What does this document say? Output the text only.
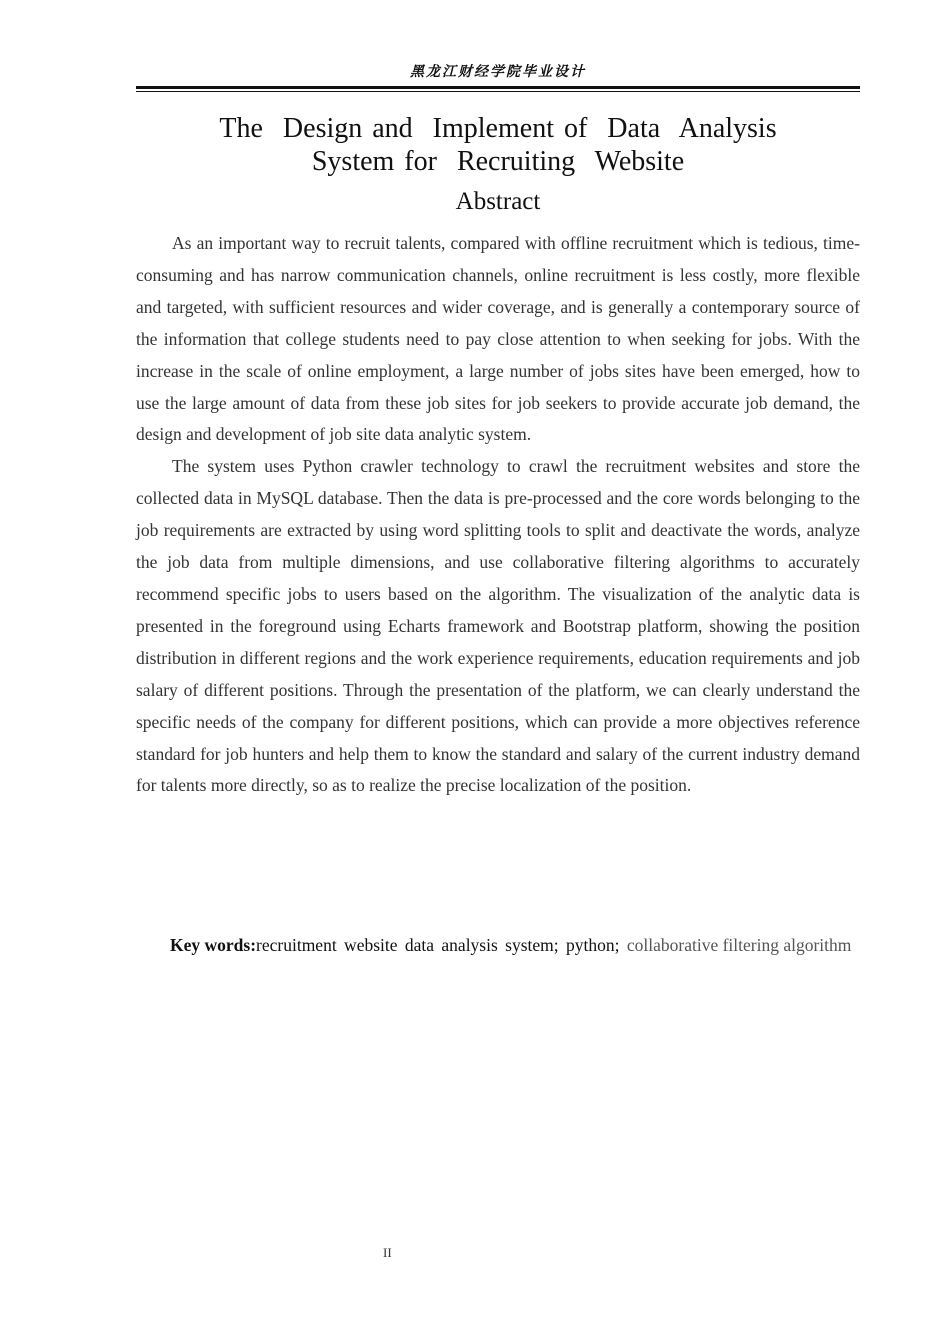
黑龙江财经学院毕业设计
The  Design and  Implement of  Data  Analysis
System for  Recruiting  Website
Abstract

As an important way to recruit talents, compared with offline recruitment which is tedious, time-consuming and has narrow communication channels, online recruitment is less costly, more flexible and targeted, with sufficient resources and wider coverage, and is generally a contemporary source of the information that college students need to pay close attention to when seeking for jobs. With the increase in the scale of online employment, a large number of jobs sites have been emerged, how to use the large amount of data from these job sites for job seekers to provide accurate job demand, the design and development of job site data analytic system.

The system uses Python crawler technology to crawl the recruitment websites and store the collected data in MySQL database. Then the data is pre-processed and the core words belonging to the job requirements are extracted by using word splitting tools to split and deactivate the words, analyze the job data from multiple dimensions, and use collaborative filtering algorithms to accurately recommend specific jobs to users based on the algorithm. The visualization of the analytic data is presented in the foreground using Echarts framework and Bootstrap platform, showing the position distribution in different regions and the work experience requirements, education requirements and job salary of different positions. Through the presentation of the platform, we can clearly understand the specific needs of the company for different positions, which can provide a more objectives reference standard for job hunters and help them to know the standard and salary of the current industry demand for talents more directly, so as to realize the precise localization of the position.

Key words:recruitment website data analysis system; python; collaborative filtering algorithm
II
